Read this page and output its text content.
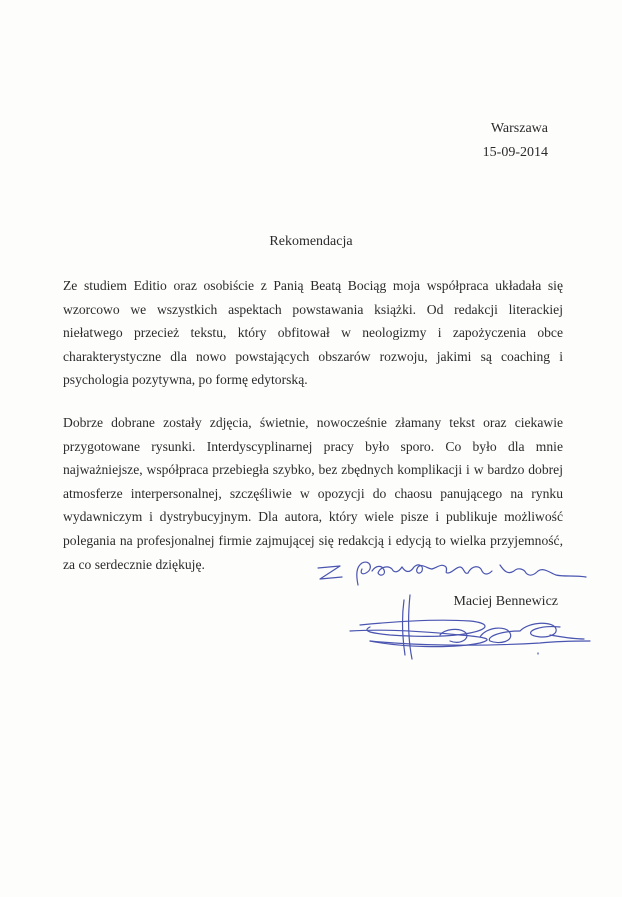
Warszawa
15-09-2014
Rekomendacja

Ze studiem Editio oraz osobiście z Panią Beatą Bociąg moja współpraca układała się wzorcowo we wszystkich aspektach powstawania książki. Od redakcji literackiej niełatwego przecież tekstu, który obfitował w neologizmy i zapożyczenia obce charakterystyczne dla nowo powstających obszarów rozwoju, jakimi są coaching i psychologia pozytywna, po formę edytorską.

Dobrze dobrane zostały zdjęcia, świetnie, nowocześnie złamany tekst oraz ciekawie przygotowane rysunki. Interdyscyplinarnej pracy było sporo. Co było dla mnie najważniejsze, współpraca przebiegła szybko, bez zbędnych komplikacji i w bardzo dobrej atmosferze interpersonalnej, szczęśliwie w opozycji do chaosu panującego na rynku wydawniczym i dystrybucyjnym. Dla autora, który wiele pisze i publikuje możliwość polegania na profesjonalnej firmie zajmującej się redakcją i edycją to wielka przyjemność, za co serdecznie dziękuję.

Maciej Bennewicz
